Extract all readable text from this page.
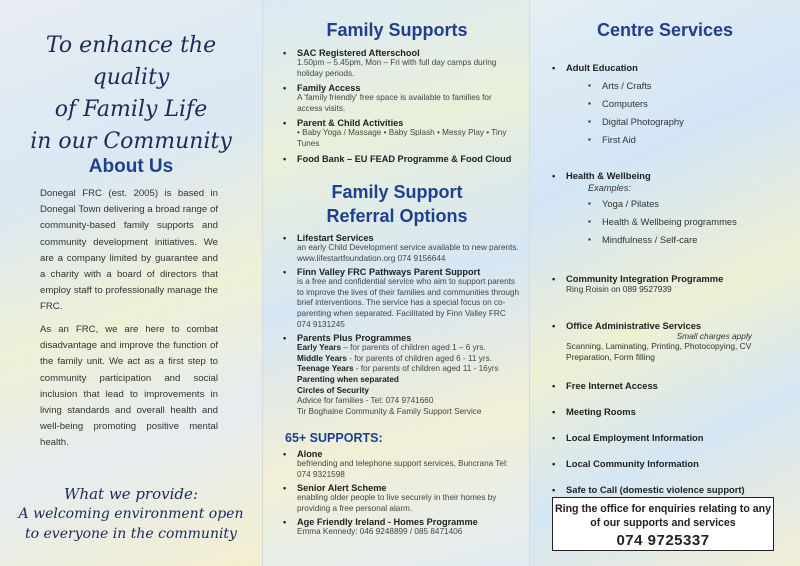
To enhance the quality
of Family Life
in our Community
About Us

Donegal FRC (est. 2005) is based in Donegal Town delivering a broad range of community-based family supports and community development initiatives. We are a company limited by guarantee and a charity with a board of directors that employ staff to professionally manage the FRC.

As an FRC, we are here to combat disadvantage and improve the function of the family unit. We act as a first step to community participation and social inclusion that lead to improvements in living standards and overall health and well-being promoting positive mental health.

What we provide:
A welcoming environment open
to everyone in the community
Family Supports
• SAC Registered Afterschool
1.50pm – 5.45pm, Mon – Fri with full day camps during holiday periods.
• Family Access
A 'family friendly' free space is available to families for access visits.
• Parent & Child Activities
• Baby Yoga / Massage • Baby Splash • Messy Play • Tiny Tunes
• Food Bank – EU FEAD Programme & Food Cloud
Family Support
Referral Options
• Lifestart Services
an early Child Development service available to new parents. www.lifestartfoundation.org 074 9156644
• Finn Valley FRC Pathways Parent Support
is a free and confidential service who aim to support parents to improve the lives of their families and communities through brief interventions. The service has a special focus on co-parenting when separated. Facilitated by Finn Valley FRC 074 9131245
• Parents Plus Programmes
Early Years – for parents of children aged 1 – 6 yrs.
Middle Years - for parents of children aged 6 - 11 yrs.
Teenage Years - for parents of children aged 11 - 16yrs
Parenting when separated
Circles of Security
Advice for families - Tel: 074 9741660
Tir Boghaine Community & Family Support Service
65+ SUPPORTS:
• Alone
befriending and telephone support services, Buncrana Tel: 074 9321598
• Senior Alert Scheme
enabling older people to live securely in their homes by providing a free personal alarm.
• Age Friendly Ireland - Homes Programme
Emma Kennedy: 046 9248899 / 085 8471406
Centre Services
• Adult Education
▪ Arts / Crafts
▪ Computers
▪ Digital Photography
▪ First Aid
• Health & Wellbeing
Examples:
▪ Yoga / Pilates
▪ Health & Wellbeing programmes
▪ Mindfulness / Self-care
• Community Integration Programme
Ring Roisin on 089 9527939
• Office Administrative Services
Small charges apply
Scanning, Laminating, Printing, Photocopying, CV Preparation, Form filling
• Free Internet Access
• Meeting Rooms
• Local Employment Information
• Local Community Information
• Safe to Call (domestic violence support)
Ring the office for enquiries relating to any of our supports and services
074 9725337
